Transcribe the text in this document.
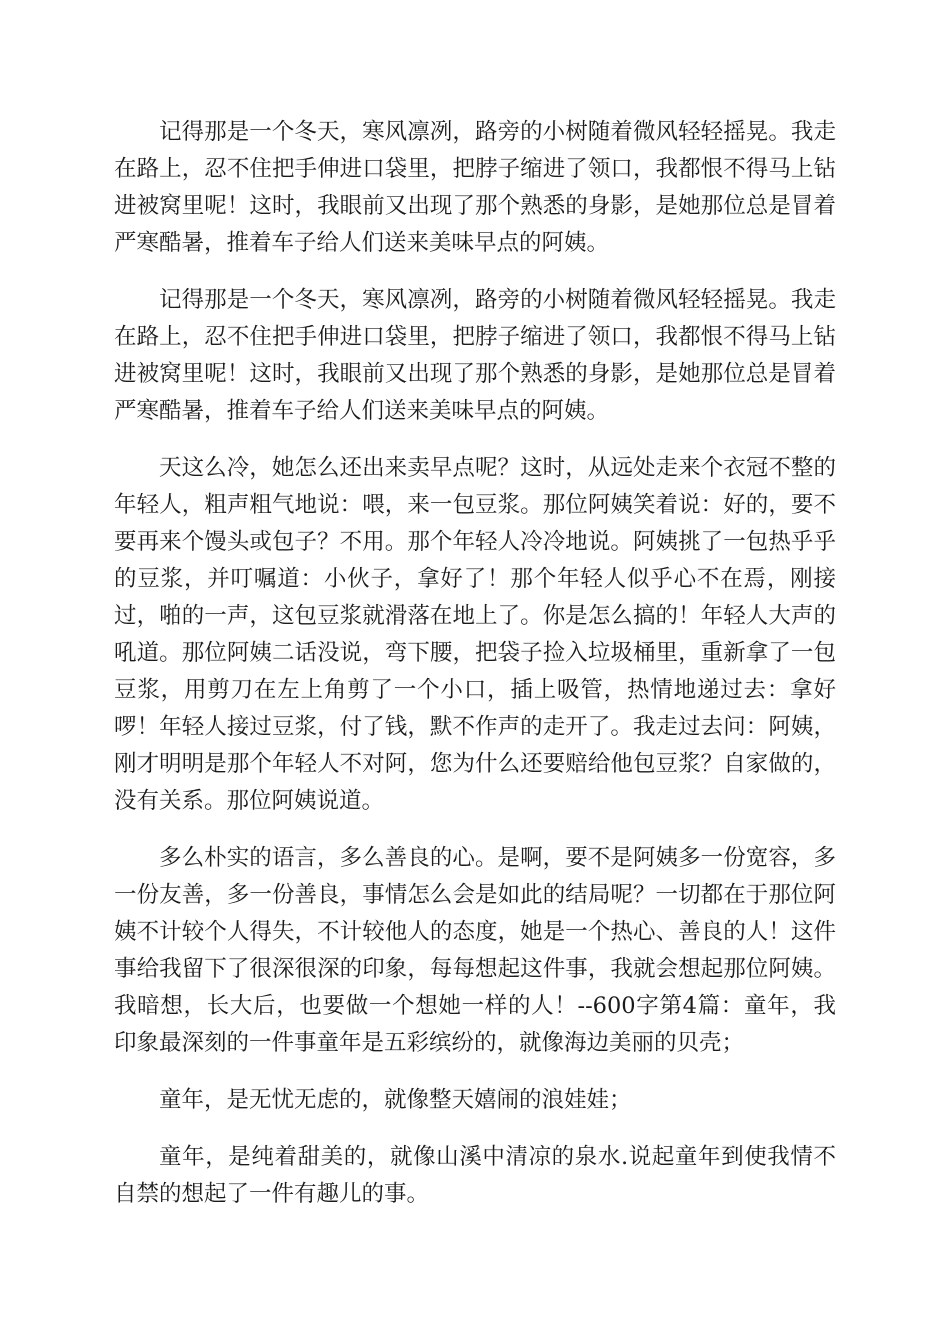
记得那是一个冬天，寒风凛冽，路旁的小树随着微风轻轻摇晃。我走在路上，忍不住把手伸进口袋里，把脖子缩进了领口，我都恨不得马上钻进被窝里呢！这时，我眼前又出现了那个熟悉的身影，是她那位总是冒着严寒酷暑，推着车子给人们送来美味早点的阿姨。

记得那是一个冬天，寒风凛冽，路旁的小树随着微风轻轻摇晃。我走在路上，忍不住把手伸进口袋里，把脖子缩进了领口，我都恨不得马上钻进被窝里呢！这时，我眼前又出现了那个熟悉的身影，是她那位总是冒着严寒酷暑，推着车子给人们送来美味早点的阿姨。

天这么冷，她怎么还出来卖早点呢？这时，从远处走来个衣冠不整的年轻人，粗声粗气地说：喂，来一包豆浆。那位阿姨笑着说：好的，要不要再来个馒头或包子？不用。那个年轻人冷冷地说。阿姨挑了一包热乎乎的豆浆，并叮嘱道：小伙子，拿好了！那个年轻人似乎心不在焉，刚接过，啪的一声，这包豆浆就滑落在地上了。你是怎么搞的！年轻人大声的吼道。那位阿姨二话没说，弯下腰，把袋子捡入垃圾桶里，重新拿了一包豆浆，用剪刀在左上角剪了一个小口，插上吸管，热情地递过去：拿好啰！年轻人接过豆浆，付了钱，默不作声的走开了。我走过去问：阿姨，刚才明明是那个年轻人不对阿，您为什么还要赔给他包豆浆？自家做的，没有关系。那位阿姨说道。

多么朴实的语言，多么善良的心。是啊，要不是阿姨多一份宽容，多一份友善，多一份善良，事情怎么会是如此的结局呢？一切都在于那位阿姨不计较个人得失，不计较他人的态度，她是一个热心、善良的人！这件事给我留下了很深很深的印象，每每想起这件事，我就会想起那位阿姨。我暗想，长大后，也要做一个想她一样的人！--600字第4篇：童年，我印象最深刻的一件事童年是五彩缤纷的，就像海边美丽的贝壳；

童年，是无忧无虑的，就像整天嬉闹的浪娃娃；

童年，是纯着甜美的，就像山溪中清凉的泉水.说起童年到使我情不自禁的想起了一件有趣儿的事。
